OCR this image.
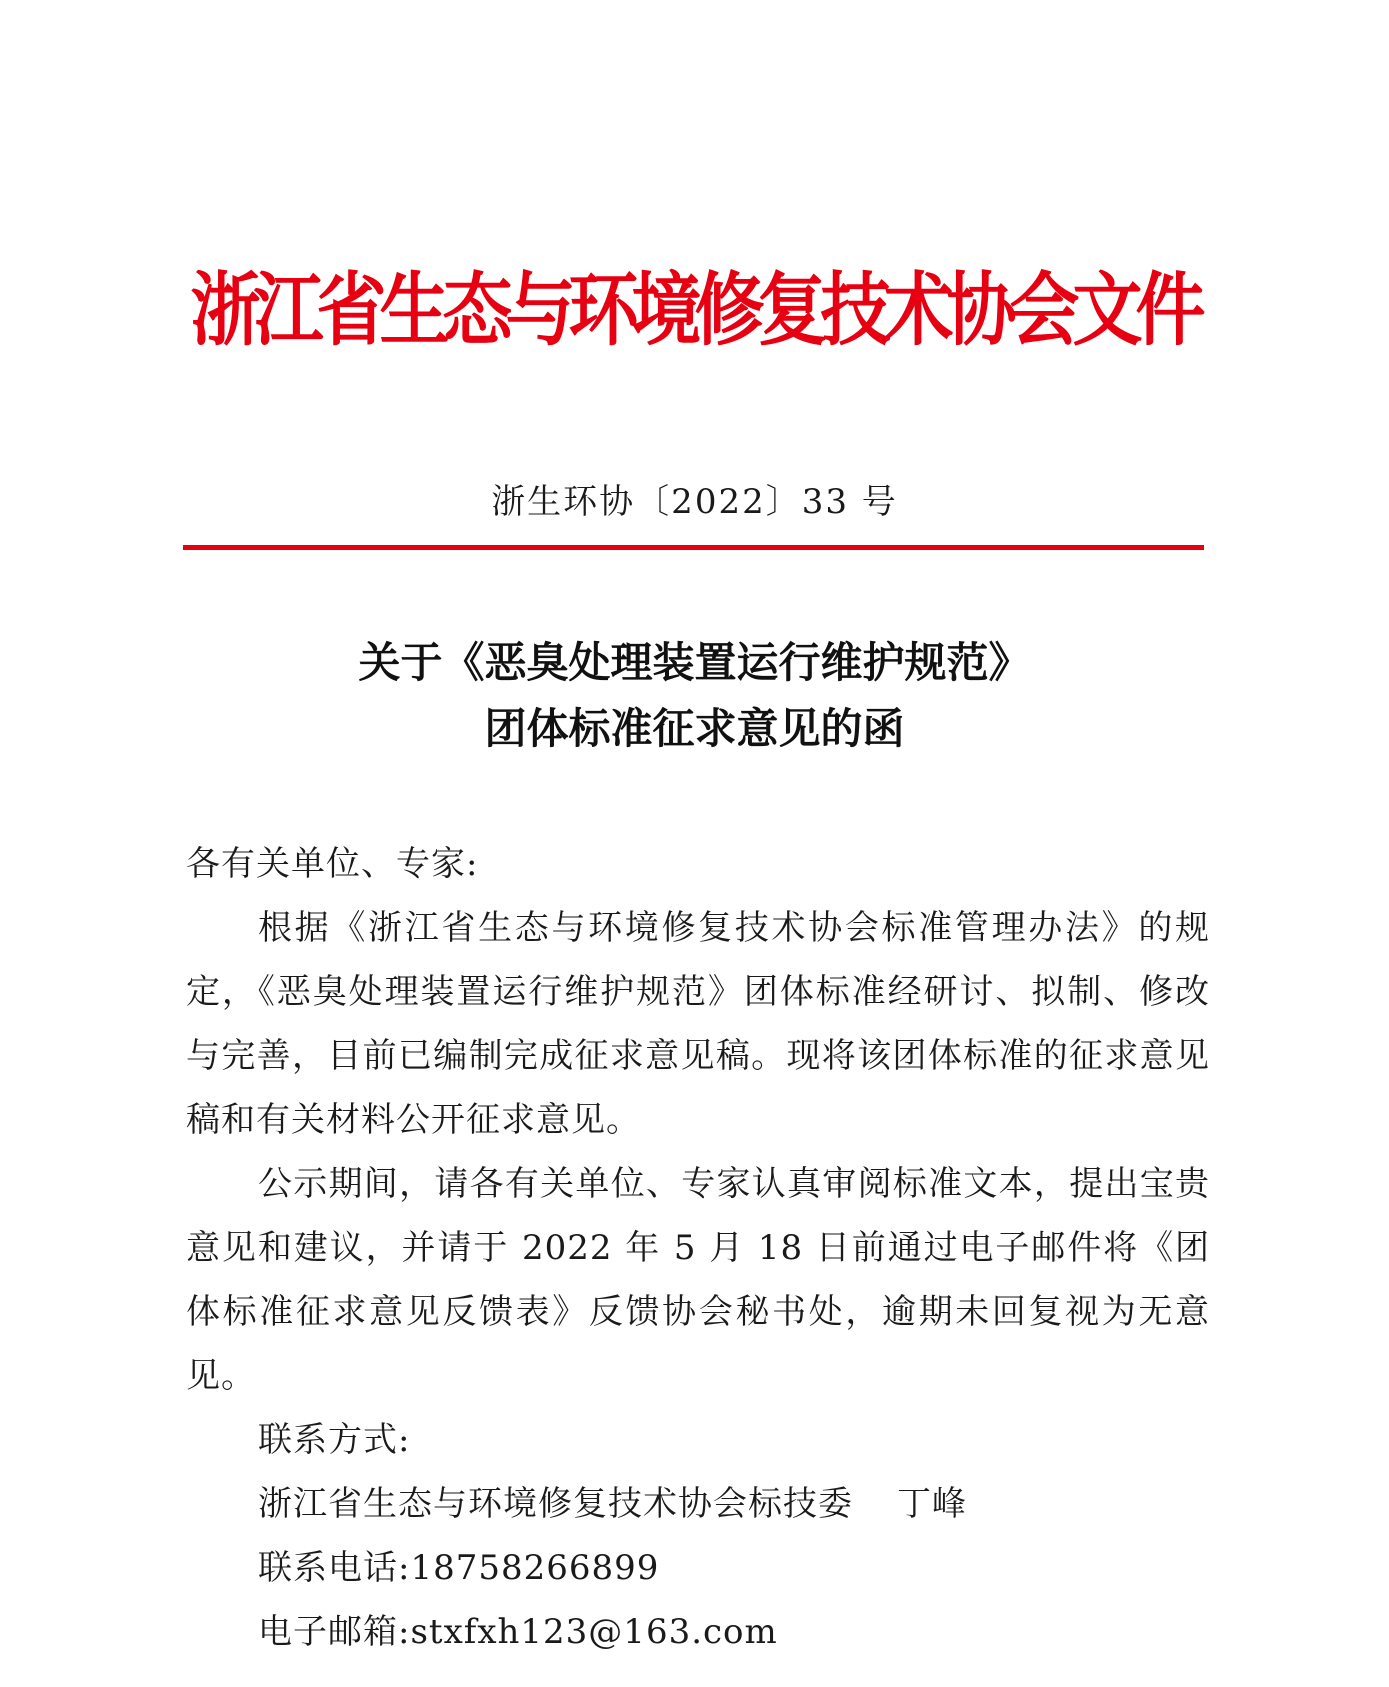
浙江省生态与环境修复技术协会文件
浙生环协〔2022〕33 号
关于《恶臭处理装置运行维护规范》
团体标准征求意见的函

各有关单位、专家:

根据《浙江省生态与环境修复技术协会标准管理办法》的规定，《恶臭处理装置运行维护规范》团体标准经研讨、拟制、修改与完善，目前已编制完成征求意见稿。现将该团体标准的征求意见稿和有关材料公开征求意见。

公示期间，请各有关单位、专家认真审阅标准文本，提出宝贵意见和建议，并请于 2022 年 5 月 18 日前通过电子邮件将《团体标准征求意见反馈表》反馈协会秘书处，逾期未回复视为无意见。

联系方式:

浙江省生态与环境修复技术协会标技委 丁峰

联系电话:18758266899

电子邮箱:stxfxh123@163.com
